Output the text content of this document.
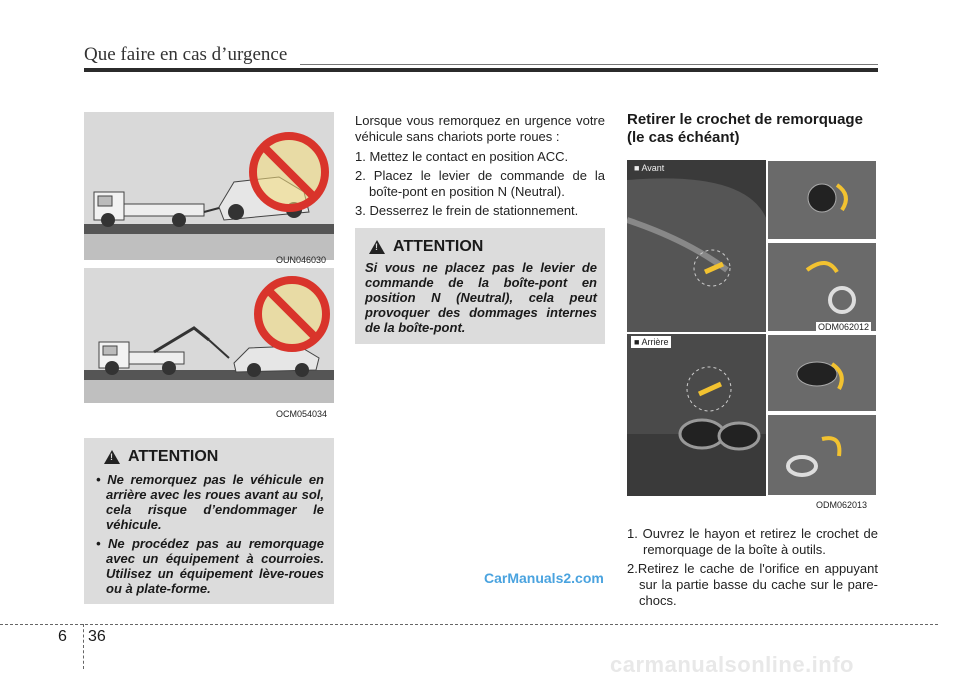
Que faire en cas d’urgence
OUN046030
OCM054034
!
ATTENTION
• Ne remorquez pas le véhicule en arrière avec les roues avant au sol, cela risque d’endommager le véhicule.
• Ne procédez pas au remorquage avec un équipement à courroies. Utilisez un équipement lève-roues ou à plate-forme.

Lorsque vous remorquez en urgence votre véhicule sans chariots porte roues :

1. Mettez le contact en position ACC.
2. Placez le levier de commande de la boîte-pont en position N (Neutral).
3. Desserrez le frein de stationnement.
!
ATTENTION
Si vous ne placez pas le levier de commande de la boîte-pont en position N (Neutral), cela peut provoquer des dommages internes de la boîte-pont.
Retirer le crochet de remorquage (le cas échéant)
■ Avant
ODM062012
■ Arrière
ODM062013
1. Ouvrez le hayon et retirez le crochet de remorquage de la boîte à outils.
2.Retirez le cache de l'orifice en appuyant sur la partie basse du cache sur le pare-chocs.
CarManuals2.com
carmanualsonline.info
6 36
